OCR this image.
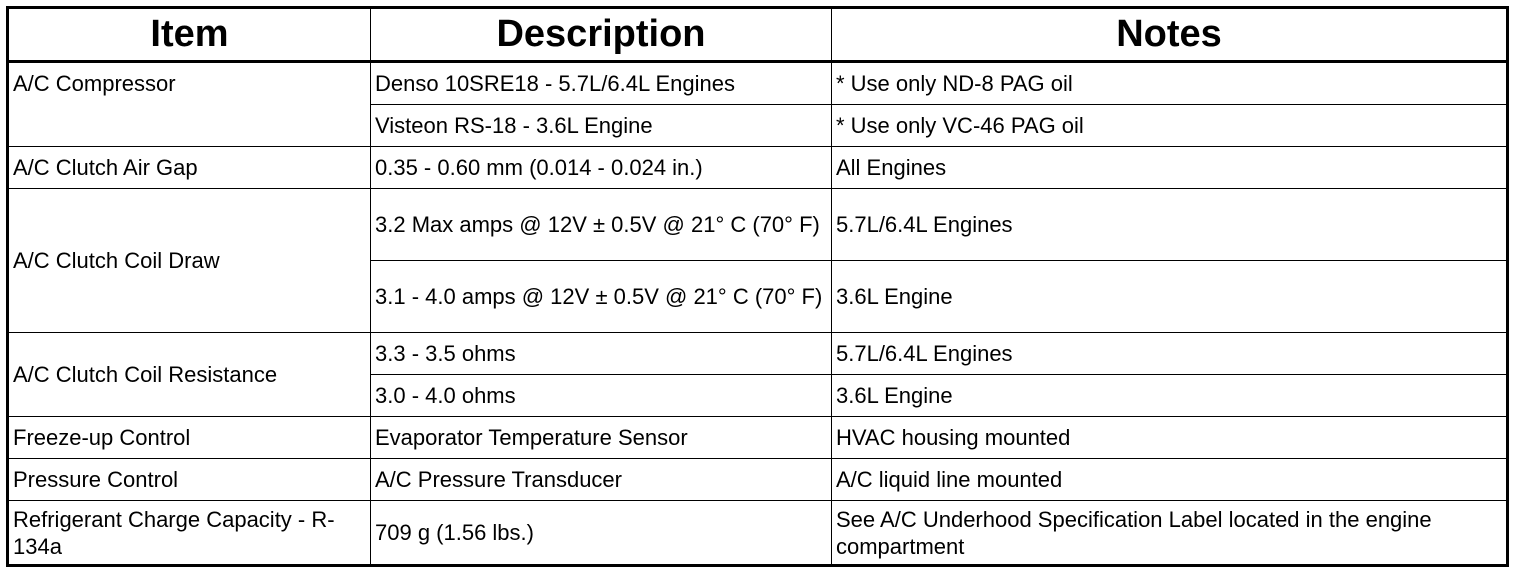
Item	Description	Notes
A/C Compressor	Denso 10SRE18 - 5.7L/6.4L Engines	* Use only ND-8 PAG oil
	Visteon RS-18 - 3.6L Engine	* Use only VC-46 PAG oil
A/C Clutch Air Gap	0.35 - 0.60 mm (0.014 - 0.024 in.)	All Engines
A/C Clutch Coil Draw	3.2 Max amps @ 12V ± 0.5V @ 21° C (70° F)	5.7L/6.4L Engines
	3.1 - 4.0 amps @ 12V ± 0.5V @ 21° C (70° F)	3.6L Engine
A/C Clutch Coil Resistance	3.3 - 3.5 ohms	5.7L/6.4L Engines
	3.0 - 4.0 ohms	3.6L Engine
Freeze-up Control	Evaporator Temperature Sensor	HVAC housing mounted
Pressure Control	A/C Pressure Transducer	A/C liquid line mounted
Refrigerant Charge Capacity - R-134a	709 g (1.56 lbs.)	See A/C Underhood Specification Label located in the engine compartment
